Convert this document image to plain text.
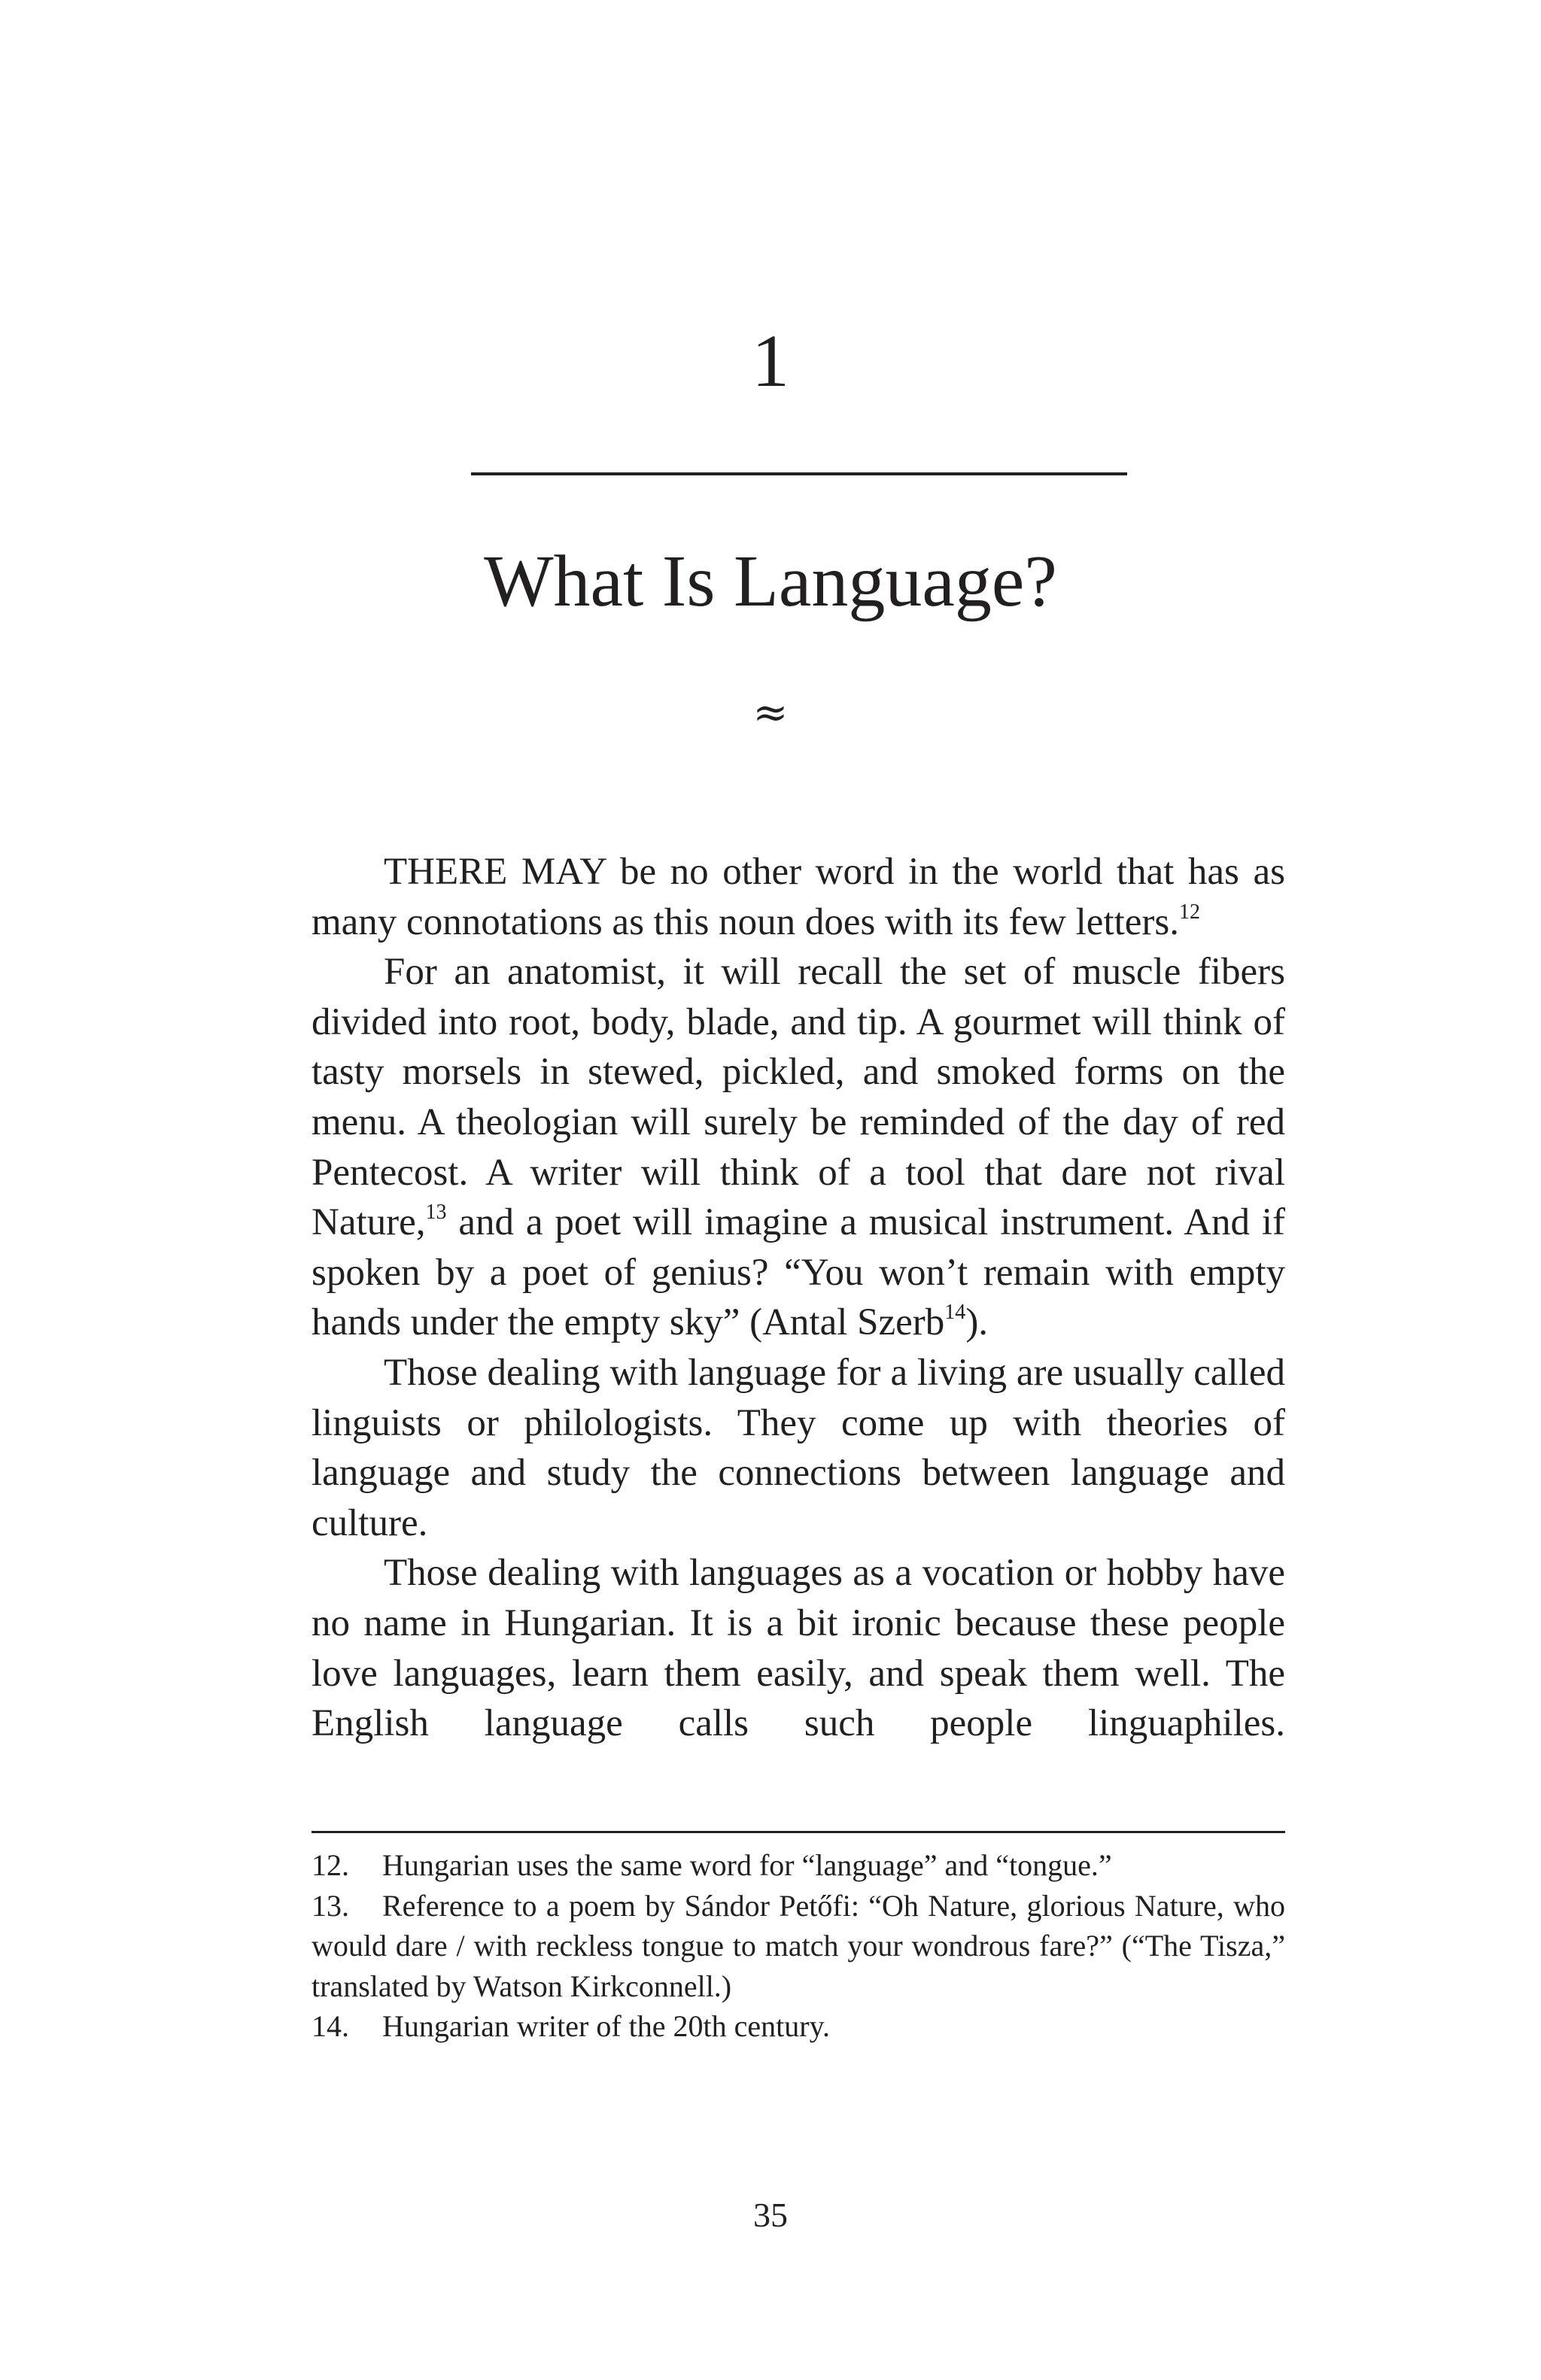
1
What Is Language?
≈

THERE MAY be no other word in the world that has as many connotations as this noun does with its few letters.$^{12}$

For an anatomist, it will recall the set of muscle fibers divided into root, body, blade, and tip. A gourmet will think of tasty morsels in stewed, pickled, and smoked forms on the menu. A theologian will surely be reminded of the day of red Pentecost. A writer will think of a tool that dare not rival Nature,$^{13}$ and a poet will imagine a musical instrument. And if spoken by a poet of genius? “You won’t remain with empty hands under the empty sky” (Antal Szerb$^{14}$).

Those dealing with language for a living are usually called linguists or philologists. They come up with theories of language and study the connections between language and culture.

Those dealing with languages as a vocation or hobby have no name in Hungarian. It is a bit ironic because these people love languages, learn them easily, and speak them well. The English language calls such people linguaphiles.

12. Hungarian uses the same word for “language” and “tongue.”

13. Reference to a poem by Sándor Petőfi: “Oh Nature, glorious Nature, who would dare / with reckless tongue to match your wondrous fare?” (“The Tisza,” translated by Watson Kirkconnell.)

14. Hungarian writer of the 20th century.

35
